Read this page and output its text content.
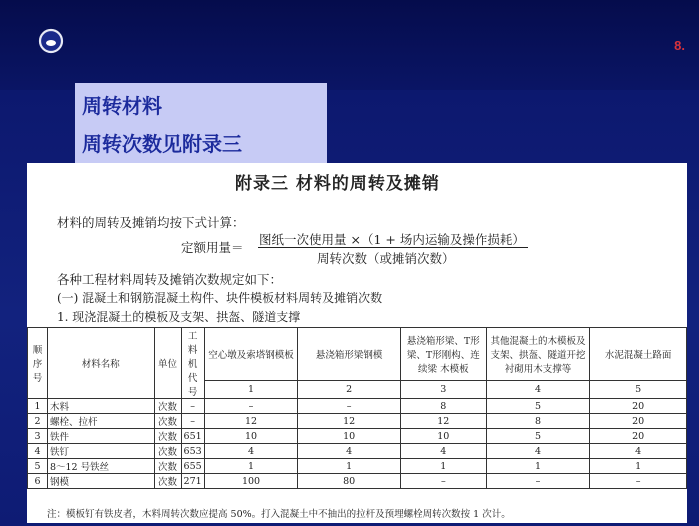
8.
周转材料
周转次数见附录三
附录三 材料的周转及摊销
材料的周转及摊销均按下式计算：
定额用量＝
图纸一次使用量 ×（1 + 场内运输及操作损耗）
周转次数（或摊销次数）
各种工程材料周转及摊销次数规定如下：
(一) 混凝土和钢筋混凝土构件、块件模板材料周转及摊销次数
1. 现浇混凝土的模板及支架、拱盔、隧道支撑
顺序号	材料名称	单位	工料机代号	空心墩及索塔钢模板	悬浇箱形梁钢模	悬浇箱形梁、T形梁、T形刚构、连续梁 木模板	其他混凝土的木模板及支架、拱盔、隧道开挖衬砌用木支撑等	水泥混凝土路面
				1	2	3	4	5
1	木料	次数	–	–	–	8	5	20
2	螺栓、拉杆	次数	–	12	12	12	8	20
3	铁件	次数	651	10	10	10	5	20
4	铁钉	次数	653	4	4	4	4	4
5	8～12 号铁丝	次数	655	1	1	1	1	1
6	钢模	次数	271	100	80	–	–	–
注：模板钉有铁皮者，木料周转次数应提高 50%。打入混凝土中不抽出的拉杆及预埋螺栓周转次数按 1 次计。
